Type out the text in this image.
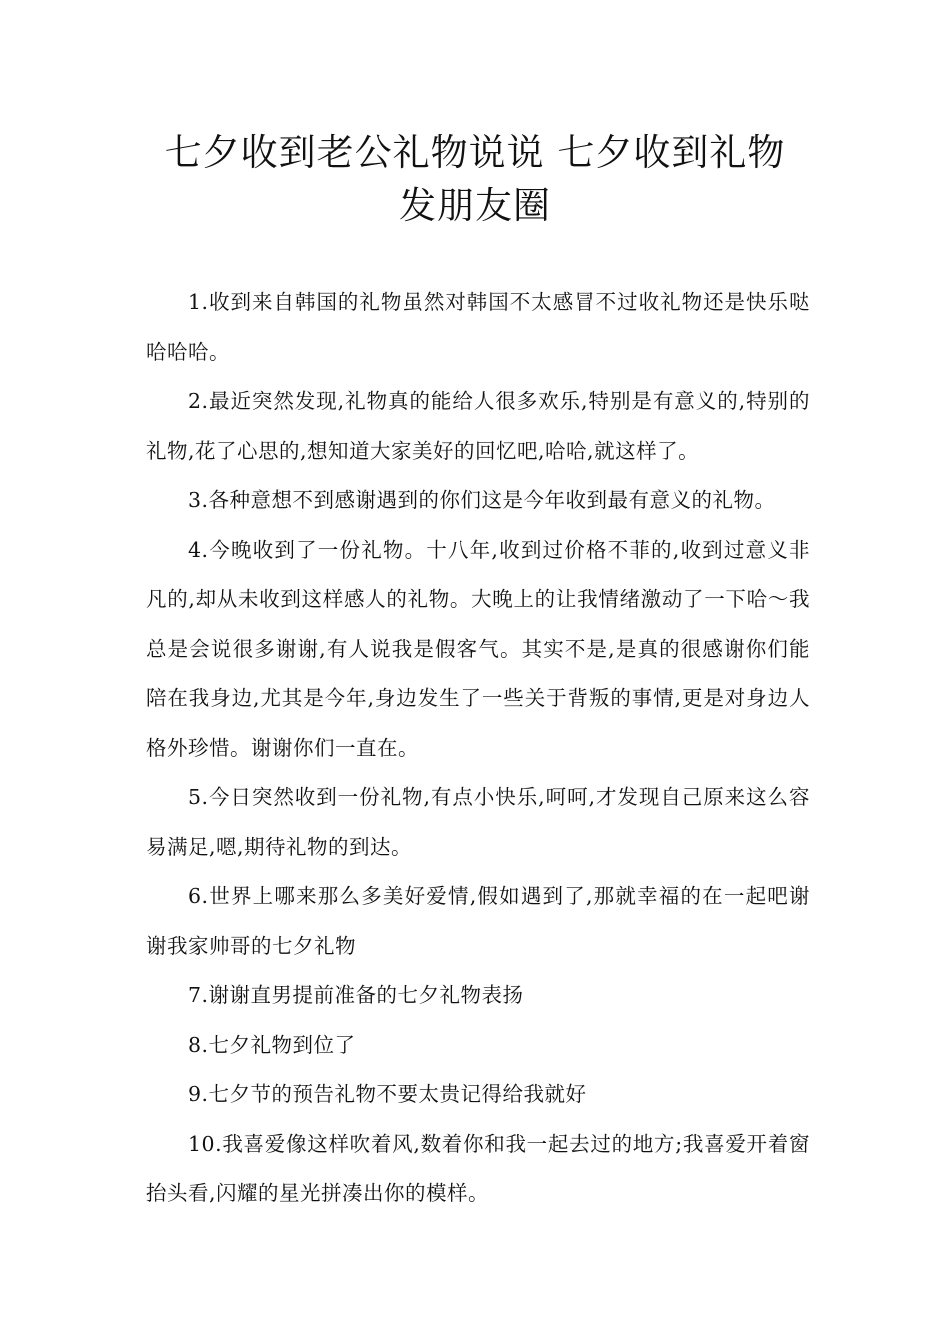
七夕收到老公礼物说说 七夕收到礼物
发朋友圈

1.收到来自韩国的礼物虽然对韩国不太感冒不过收礼物还是快乐哒哈哈哈。

2.最近突然发现,礼物真的能给人很多欢乐,特别是有意义的,特别的礼物,花了心思的,想知道大家美好的回忆吧,哈哈,就这样了。

3.各种意想不到感谢遇到的你们这是今年收到最有意义的礼物。

4.今晚收到了一份礼物。十八年,收到过价格不菲的,收到过意义非凡的,却从未收到这样感人的礼物。大晚上的让我情绪激动了一下哈～我总是会说很多谢谢,有人说我是假客气。其实不是,是真的很感谢你们能陪在我身边,尤其是今年,身边发生了一些关于背叛的事情,更是对身边人格外珍惜。谢谢你们一直在。

5.今日突然收到一份礼物,有点小快乐,呵呵,才发现自己原来这么容易满足,嗯,期待礼物的到达。

6.世界上哪来那么多美好爱情,假如遇到了,那就幸福的在一起吧谢谢我家帅哥的七夕礼物

7.谢谢直男提前准备的七夕礼物表扬

8.七夕礼物到位了

9.七夕节的预告礼物不要太贵记得给我就好

10.我喜爱像这样吹着风,数着你和我一起去过的地方;我喜爱开着窗抬头看,闪耀的星光拼凑出你的模样。
